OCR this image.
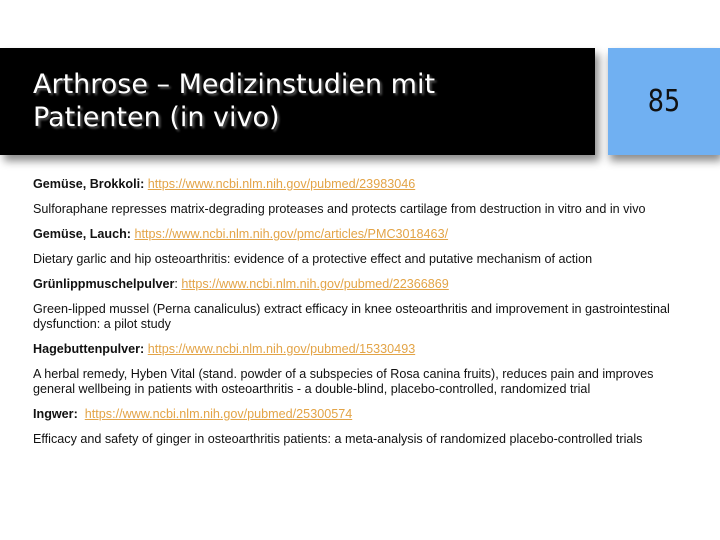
Arthrose – Medizinstudien mit
Patienten (in vivo)	85

Gemüse, Brokkoli: https://www.ncbi.nlm.nih.gov/pubmed/23983046

Sulforaphane represses matrix-degrading proteases and protects cartilage from destruction in vitro and in vivo

Gemüse, Lauch: https://www.ncbi.nlm.nih.gov/pmc/articles/PMC3018463/

Dietary garlic and hip osteoarthritis: evidence of a protective effect and putative mechanism of action

Grünlippmuschelpulver: https://www.ncbi.nlm.nih.gov/pubmed/22366869

Green-lipped mussel (Perna canaliculus) extract efficacy in knee osteoarthritis and improvement in gastrointestinal dysfunction: a pilot study

Hagebuttenpulver: https://www.ncbi.nlm.nih.gov/pubmed/15330493

A herbal remedy, Hyben Vital (stand. powder of a subspecies of Rosa canina fruits), reduces pain and improves general wellbeing in patients with osteoarthritis - a double-blind, placebo-controlled, randomized trial

Ingwer: https://www.ncbi.nlm.nih.gov/pubmed/25300574

Efficacy and safety of ginger in osteoarthritis patients: a meta-analysis of randomized placebo-controlled trials
